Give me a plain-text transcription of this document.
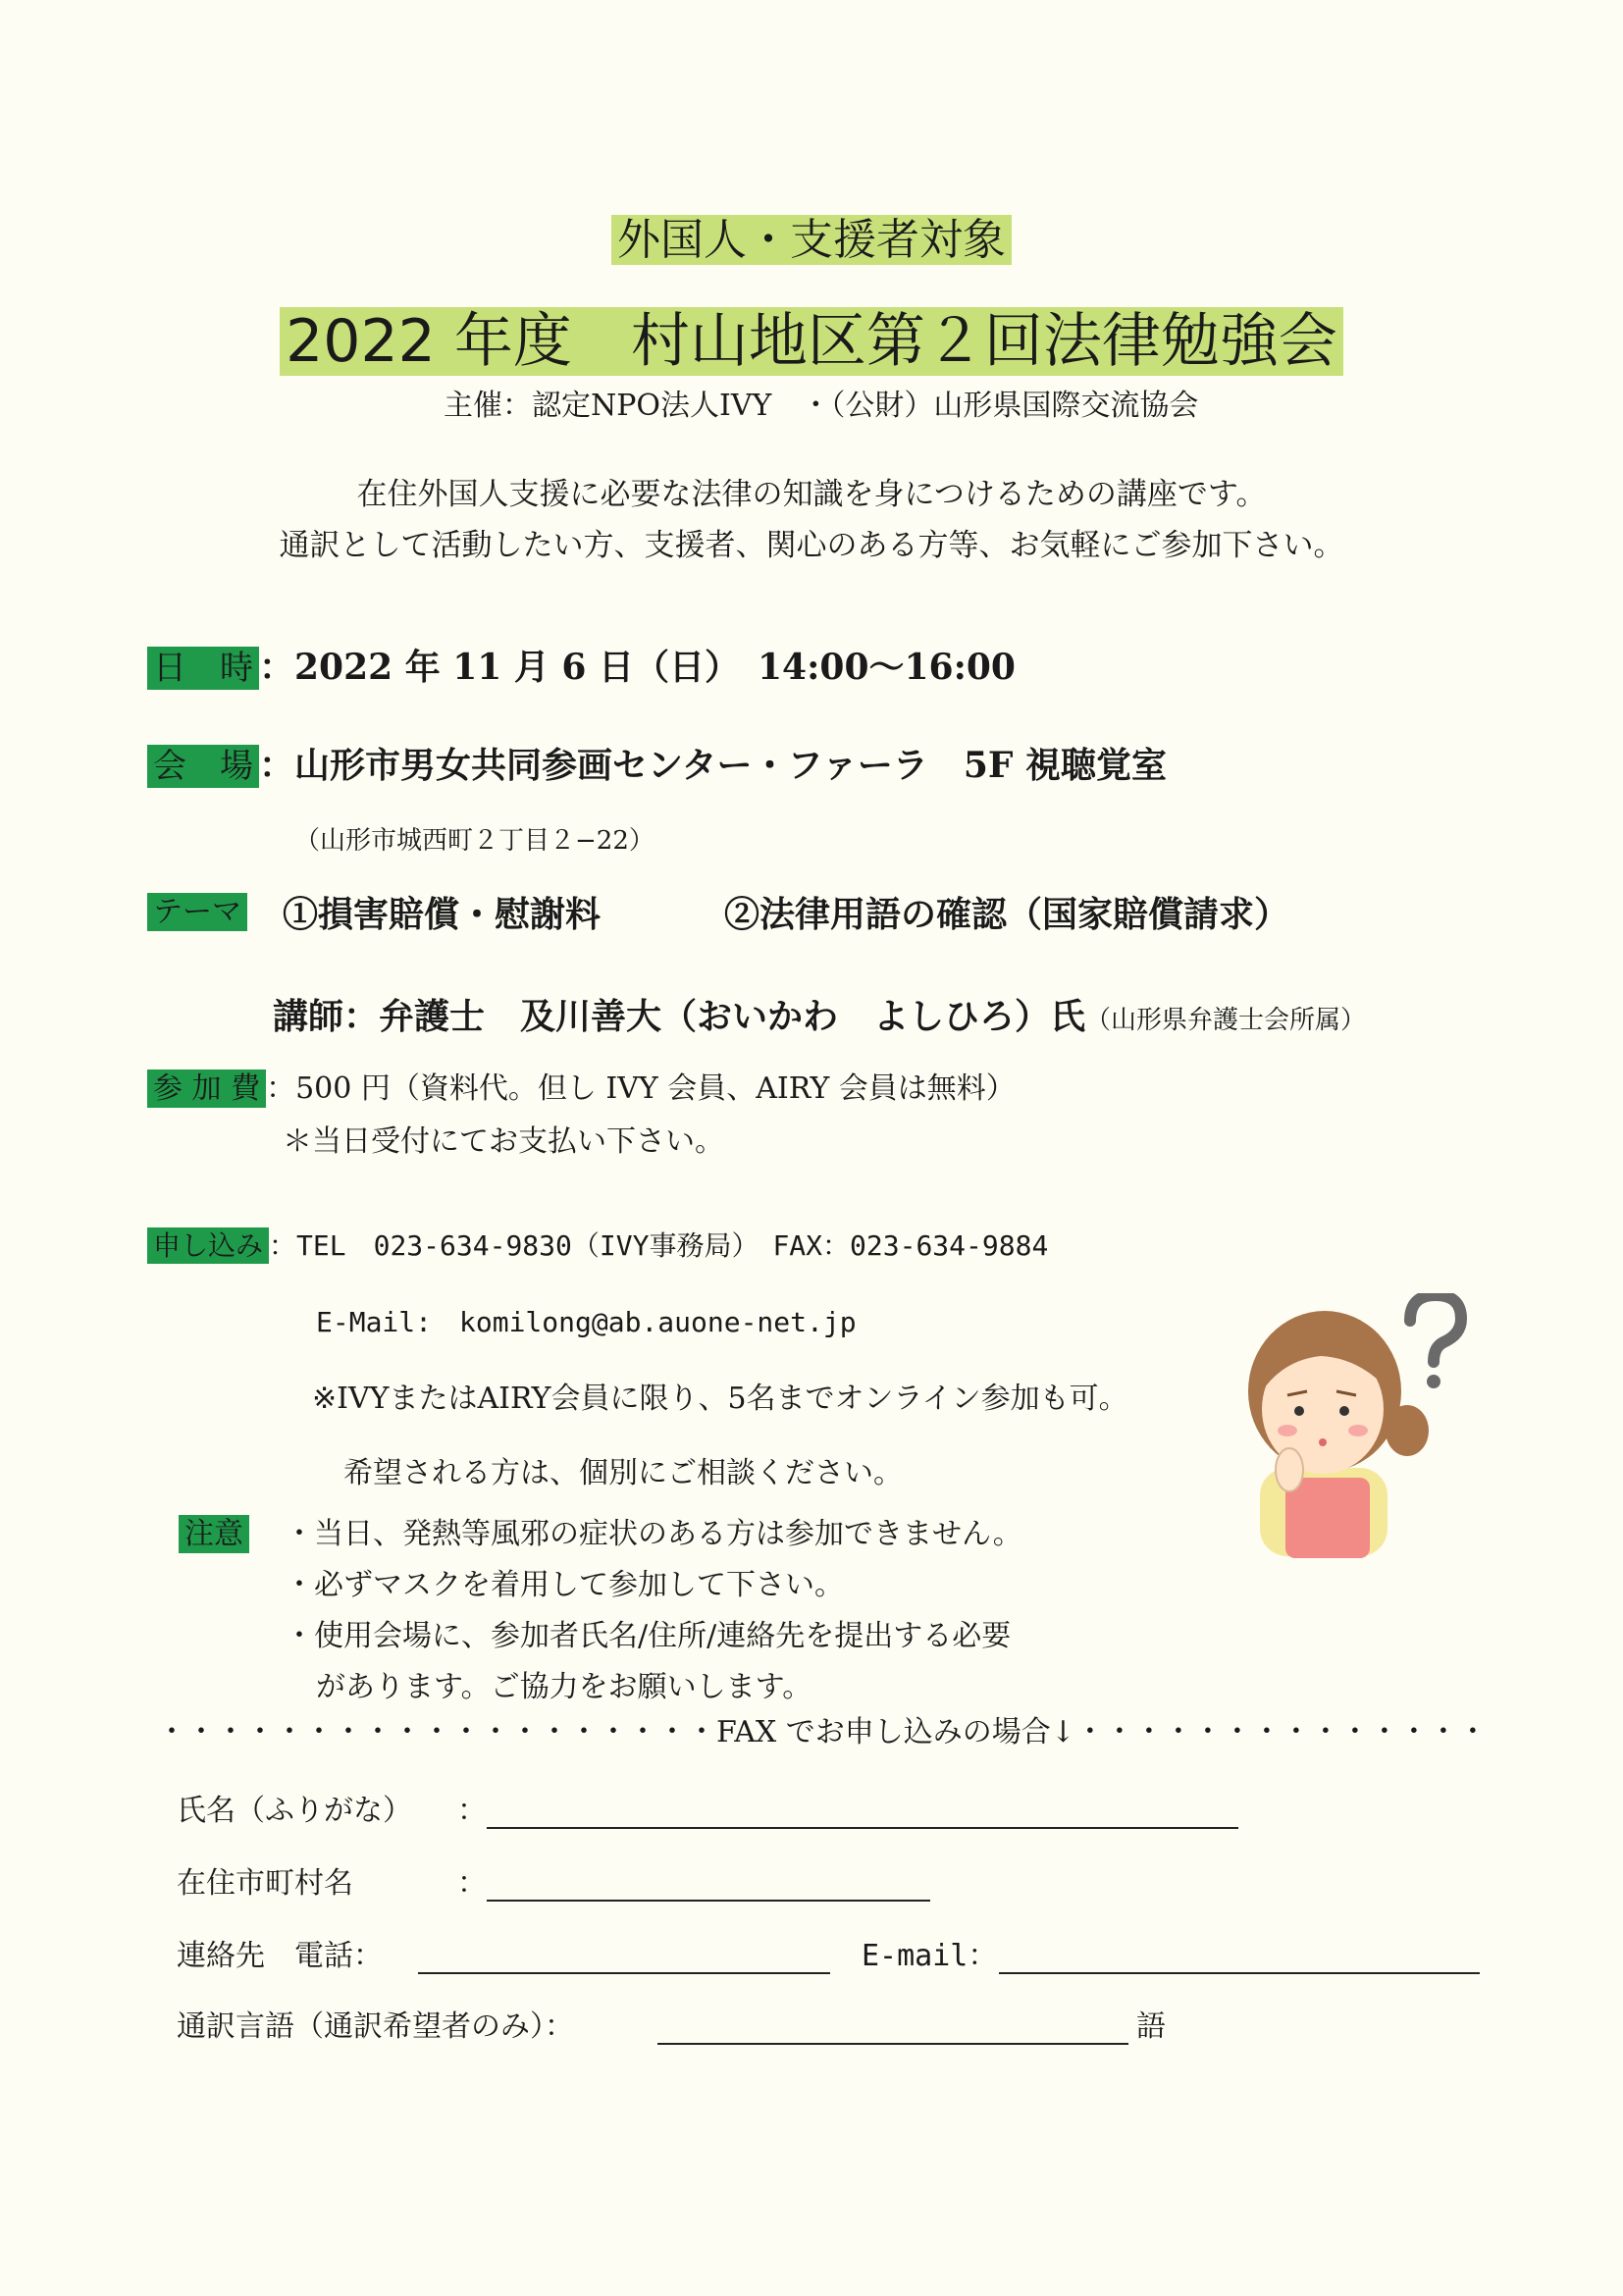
外国人・支援者対象
2022 年度　村山地区第２回法律勉強会
主催：認定NPO法人IVY　・（公財）山形県国際交流協会
在住外国人支援に必要な法律の知識を身につけるための講座です。
通訳として活動したい方、支援者、関心のある方等、お気軽にご参加下さい。
日　時 ：2022 年 11 月 6 日（日）　14:00～16:00
会　場 ：山形市男女共同参画センター・ファーラ　5F 視聴覚室
（山形市城西町２丁目２−22）
テーマ ①損害賠償・慰謝料	②法律用語の確認（国家賠償請求）
講師：弁護士　及川善大（おいかわ　よしひろ）氏（山形県弁護士会所属）
参 加 費 ：500 円（資料代。但し IVY 会員、AIRY 会員は無料）
＊当日受付にてお支払い下さい。
申し込み ：TEL　023-634-9830（IVY事務局）　FAX：023-634-9884
E-Mail:　komilong@ab.auone-net.jp
※IVYまたはAIRY会員に限り、5名までオンライン参加も可。
希望される方は、個別にご相談ください。
注意 ・当日、発熱等風邪の症状のある方は参加できません。
・必ずマスクを着用して参加して下さい。
・使用会場に、参加者氏名/住所/連絡先を提出する必要
があります。ご協力をお願いします。
・・・・・・・・・・・・・・・・・・・FAX でお申し込みの場合↓・・・・・・・・・・・・・・
氏名（ふりがな） ：
在住市町村名	：
連絡先　電話：	E-mail：
通訳言語（通訳希望者のみ）：	語
